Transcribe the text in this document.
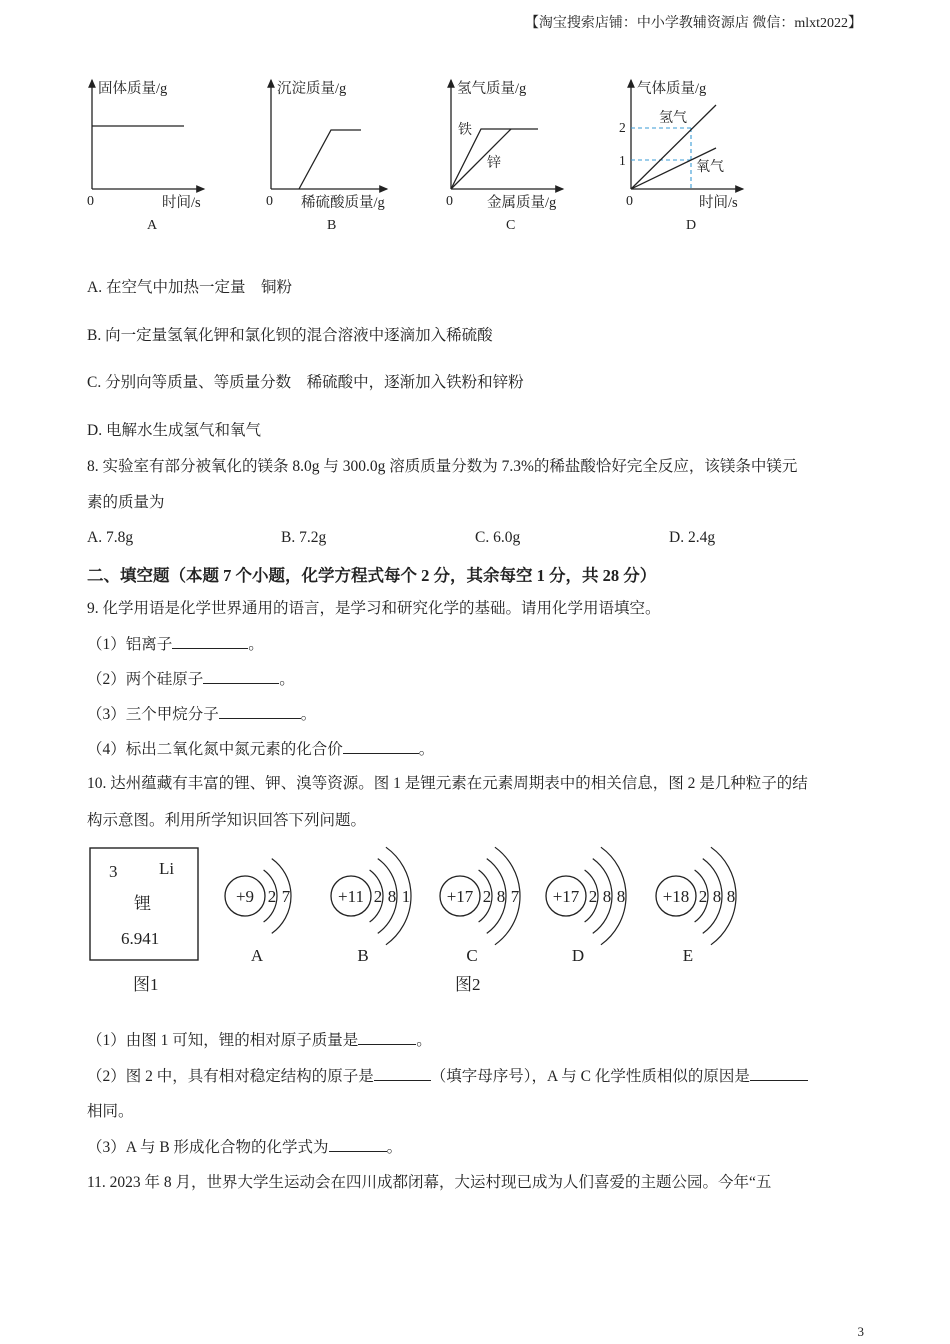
【淘宝搜索店铺：中小学教辅资源店 微信：mlxt2022】
固体质量/g
0	时间/s
A
沉淀质量/g
0 稀硫酸质量/g
B
氢气质量/g
铁
锌
0 金属质量/g
C
气体质量/g
2
1
氢气
氧气
0	时间/s
D
A. 在空气中加热一定量　铜粉
B. 向一定量氢氧化钾和氯化钡的混合溶液中逐滴加入稀硫酸
C. 分别向等质量、等质量分数　稀硫酸中，逐渐加入铁粉和锌粉
D. 电解水生成氢气和氧气
8. 实验室有部分被氧化的镁条 8.0g 与 300.0g 溶质质量分数为 7.3%的稀盐酸恰好完全反应，该镁条中镁元
素的质量为
A. 7.8g	B. 7.2g	C. 6.0g	D. 2.4g
二、填空题（本题 7 个小题，化学方程式每个 2 分，其余每空 1 分，共 28 分）
9. 化学用语是化学世界通用的语言，是学习和研究化学的基础。请用化学用语填空。
（1）铝离子	。
（2）两个硅原子	。
（3）三个甲烷分子	。
（4）标出二氧化氮中氮元素的化合价	。
10. 达州蕴藏有丰富的锂、钾、溴等资源。图 1 是锂元素在元素周期表中的相关信息，图 2 是几种粒子的结
构示意图。利用所学知识回答下列问题。
3 Li
锂
6.941
图1	图2
+9 2 7
A
+11 2 8 1
B
+17 2 8 7
C
+17 2 8 8
D
+18 2 8 8
E
（1）由图 1 可知，锂的相对原子质量是	。
（2）图 2 中，具有相对稳定结构的原子是	（填字母序号），A 与 C 化学性质相似的原因是
相同。
（3）A 与 B 形成化合物的化学式为	。
11. 2023 年 8 月，世界大学生运动会在四川成都闭幕，大运村现已成为人们喜爱的主题公园。今年“五
3
